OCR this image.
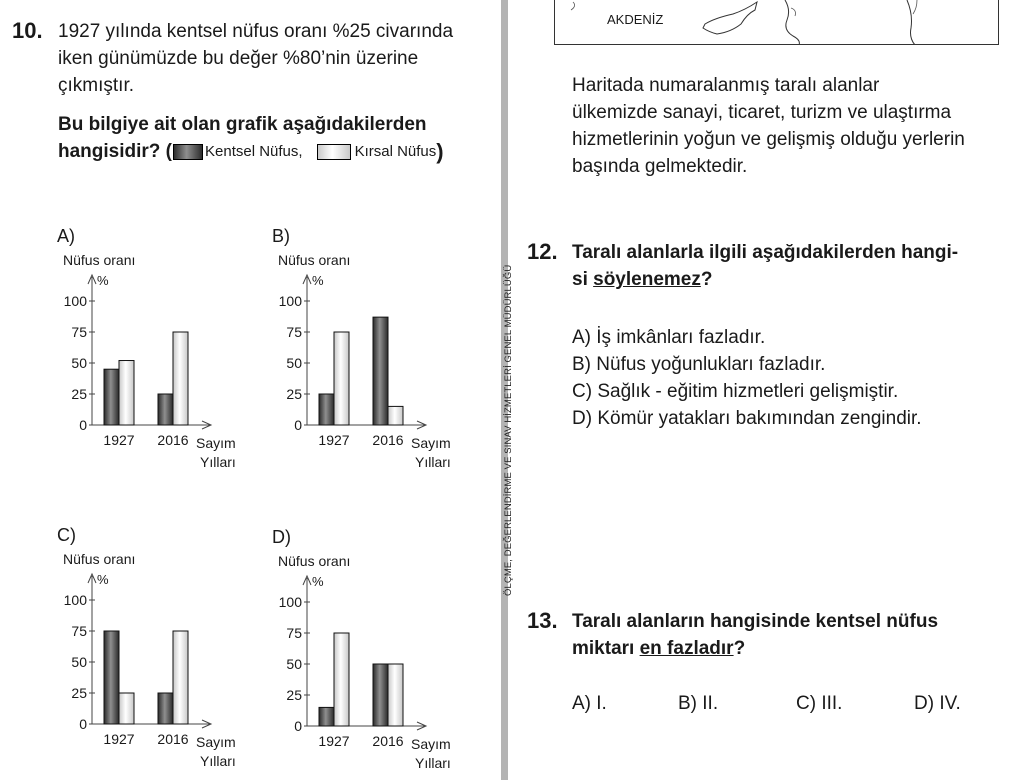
10. 1927 yılında kentsel nüfus oranı %25 civarında
iken günümüzde bu değer %80’nin üzerine
çıkmıştır.
Bu bilgiye ait olan grafik aşağıdakilerden
hangisidir? ( Kentsel Nüfus,	Kırsal Nüfus )
A)
Nüfus oranı
%
0
25
50
75
100
1927 2016 Sayım
Yılları
B)
Nüfus oranı
%
0
25
50
75
100
1927 2016 Sayım
Yılları
C)
Nüfus oranı
%
0
25
50
75
100
1927 2016 Sayım
Yılları
D)
Nüfus oranı
%
0
25
50
75
100
1927 2016 Sayım
Yılları
ÖLÇME, DEĞERLENDİRME VE SINAV HİZMETLERİ GENEL MÜDÜRLÜĞÜ
AKDENİZ
Haritada numaralanmış taralı alanlar
ülkemizde sanayi, ticaret, turizm ve ulaştırma
hizmetlerinin yoğun ve gelişmiş olduğu yerlerin
başında gelmektedir.
12. Taralı alanlarla ilgili aşağıdakilerden hangi-
si söylenemez?
A) İş imkânları fazladır.
B) Nüfus yoğunlukları fazladır.
C) Sağlık - eğitim hizmetleri gelişmiştir.
D) Kömür yatakları bakımından zengindir.
13. Taralı alanların hangisinde kentsel nüfus
miktarı en fazladır?
A) I.	B) II.	C) III.	D) IV.
